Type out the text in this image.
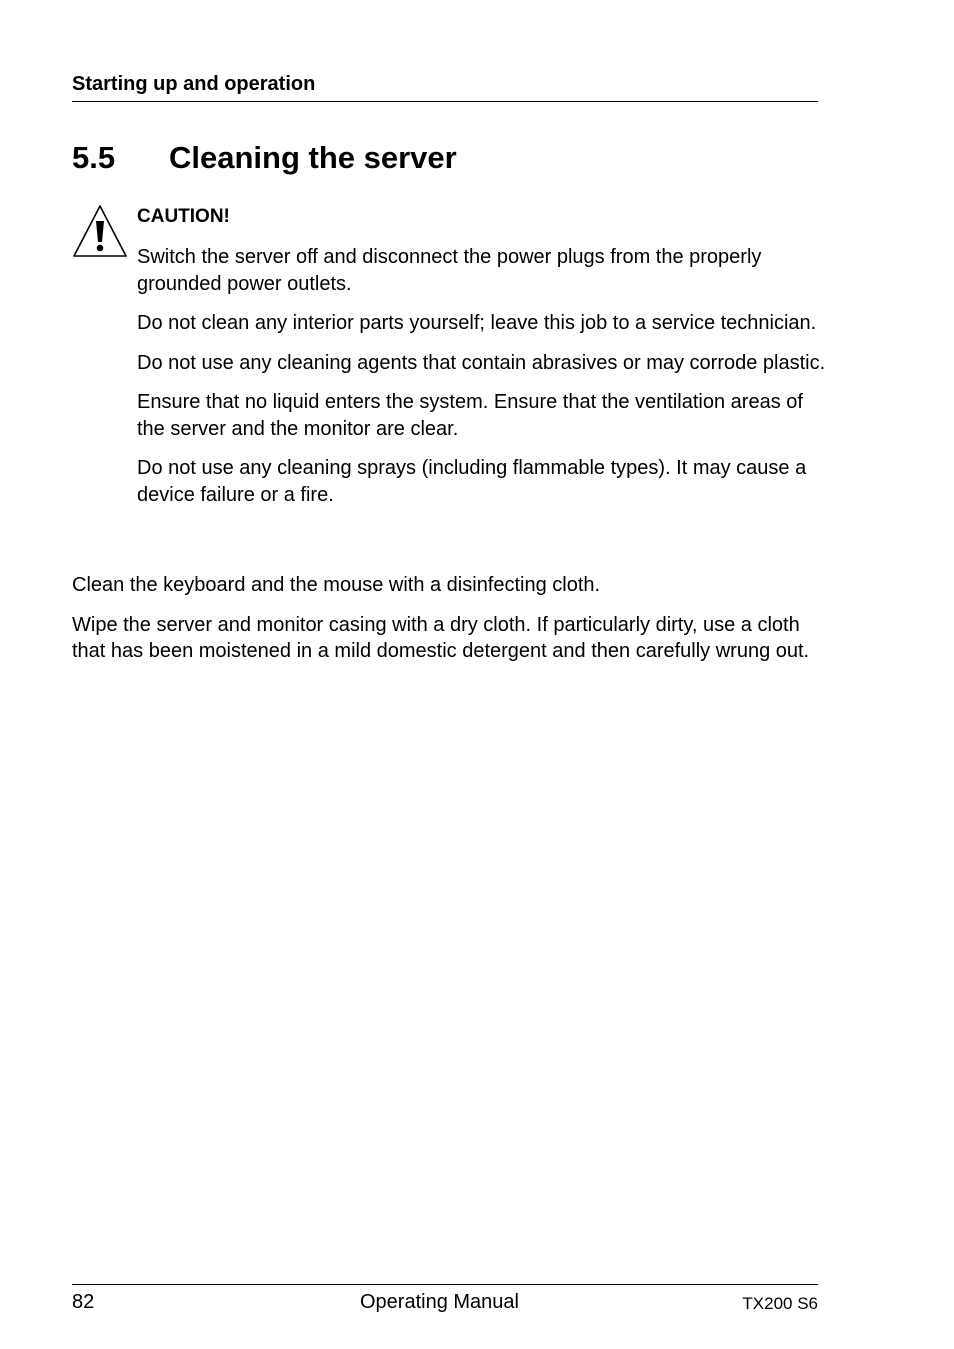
Starting up and operation
5.5 Cleaning the server
CAUTION!

Switch the server off and disconnect the power plugs from the properly grounded power outlets.

Do not clean any interior parts yourself; leave this job to a service technician.

Do not use any cleaning agents that contain abrasives or may corrode plastic.

Ensure that no liquid enters the system. Ensure that the ventilation areas of the server and the monitor are clear.

Do not use any cleaning sprays (including flammable types). It may cause a device failure or a fire.

Clean the keyboard and the mouse with a disinfecting cloth.

Wipe the server and monitor casing with a dry cloth. If particularly dirty, use a cloth that has been moistened in a mild domestic detergent and then carefully wrung out.

82	Operating Manual	TX200 S6
